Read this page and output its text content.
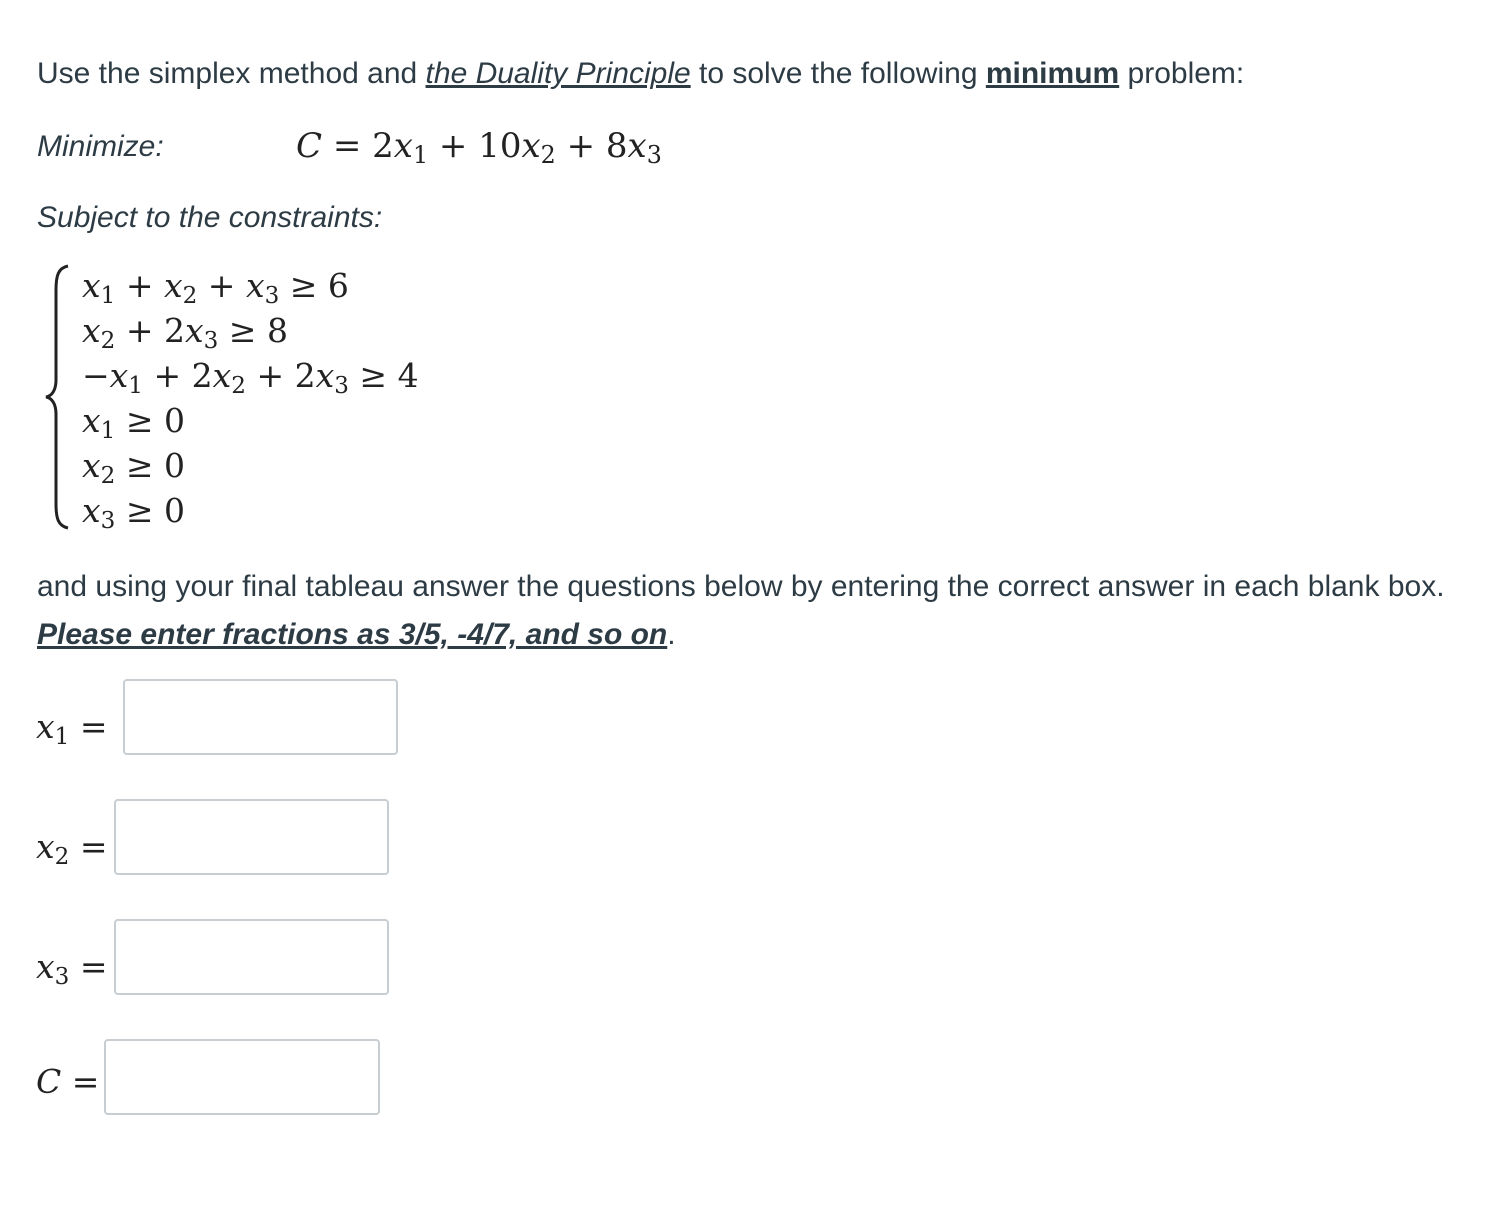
Use the simplex method and the Duality Principle to solve the following minimum problem:
Minimize:	$C = 2x_1 + 10x_2 + 8x_3$
Subject to the constraints:
$x_1 + x_2 + x_3 \ge 6$
$x_2 + 2x_3 \ge 8$
$-x_1 + 2x_2 + 2x_3 \ge 4$
$x_1 \ge 0$
$x_2 \ge 0$
$x_3 \ge 0$
and using your final tableau answer the questions below by entering the correct answer in each blank box. Please enter fractions as 3/5, -4/7, and so on.
$x_1$ =
$x_2$ =
$x_3$ =
C =
